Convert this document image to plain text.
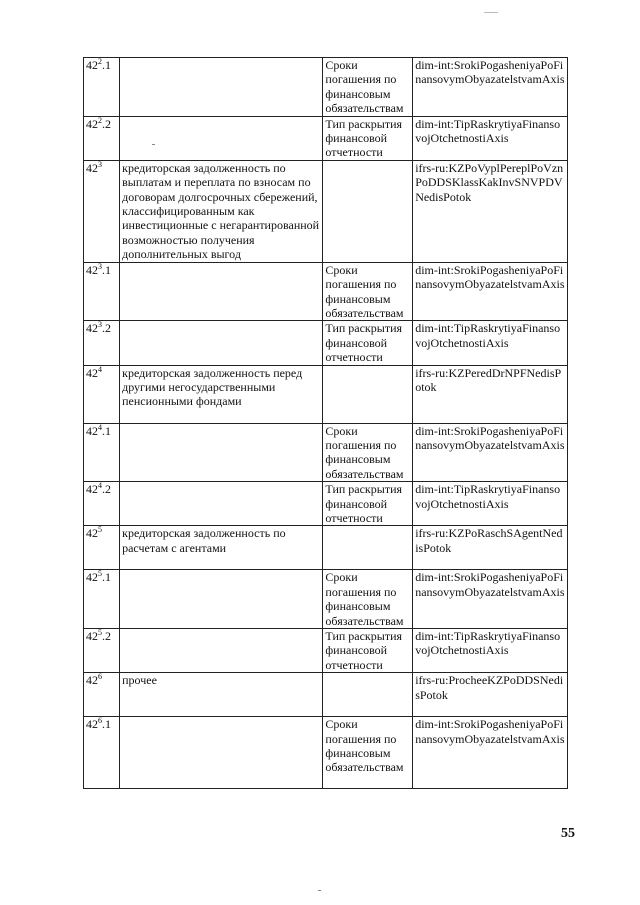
$42^2.1$		Сроки погашения по финансовым обязательствам	dim-int:SrokiPogasheniyaPoFinansovymObyazatelstvamAxis
$42^2.2$		Тип раскрытия финансовой отчетности	dim-int:TipRaskrytiyaFinansovojOtchetnostiAxis
$42^3$	кредиторская задолженность по выплатам и переплата по взносам по договорам долгосрочных сбережений, классифицированным как инвестиционные с негарантированной возможностью получения дополнительных выгод		ifrs-ru:KZPoVyplPereplPoVznPoDDSKlassKakInvSNVPDVNedisPotok
$42^3.1$		Сроки погашения по финансовым обязательствам	dim-int:SrokiPogasheniyaPoFinansovymObyazatelstvamAxis
$42^3.2$		Тип раскрытия финансовой отчетности	dim-int:TipRaskrytiyaFinansovojOtchetnostiAxis
$42^4$	кредиторская задолженность перед другими негосударственными пенсионными фондами		ifrs-ru:KZPeredDrNPFNedisPotok
$42^4.1$		Сроки погашения по финансовым обязательствам	dim-int:SrokiPogasheniyaPoFinansovymObyazatelstvamAxis
$42^4.2$		Тип раскрытия финансовой отчетности	dim-int:TipRaskrytiyaFinansovojOtchetnostiAxis
$42^5$	кредиторская задолженность по расчетам с агентами		ifrs-ru:KZPoRaschSAgentNedisPotok
$42^5.1$		Сроки погашения по финансовым обязательствам	dim-int:SrokiPogasheniyaPoFinansovymObyazatelstvamAxis
$42^5.2$		Тип раскрытия финансовой отчетности	dim-int:TipRaskrytiyaFinansovojOtchetnostiAxis
$42^6$	прочее		ifrs-ru:ProcheeKZPoDDSNedisPotok
$42^6.1$		Сроки погашения по финансовым обязательствам	dim-int:SrokiPogasheniyaPoFinansovymObyazatelstvamAxis
55
